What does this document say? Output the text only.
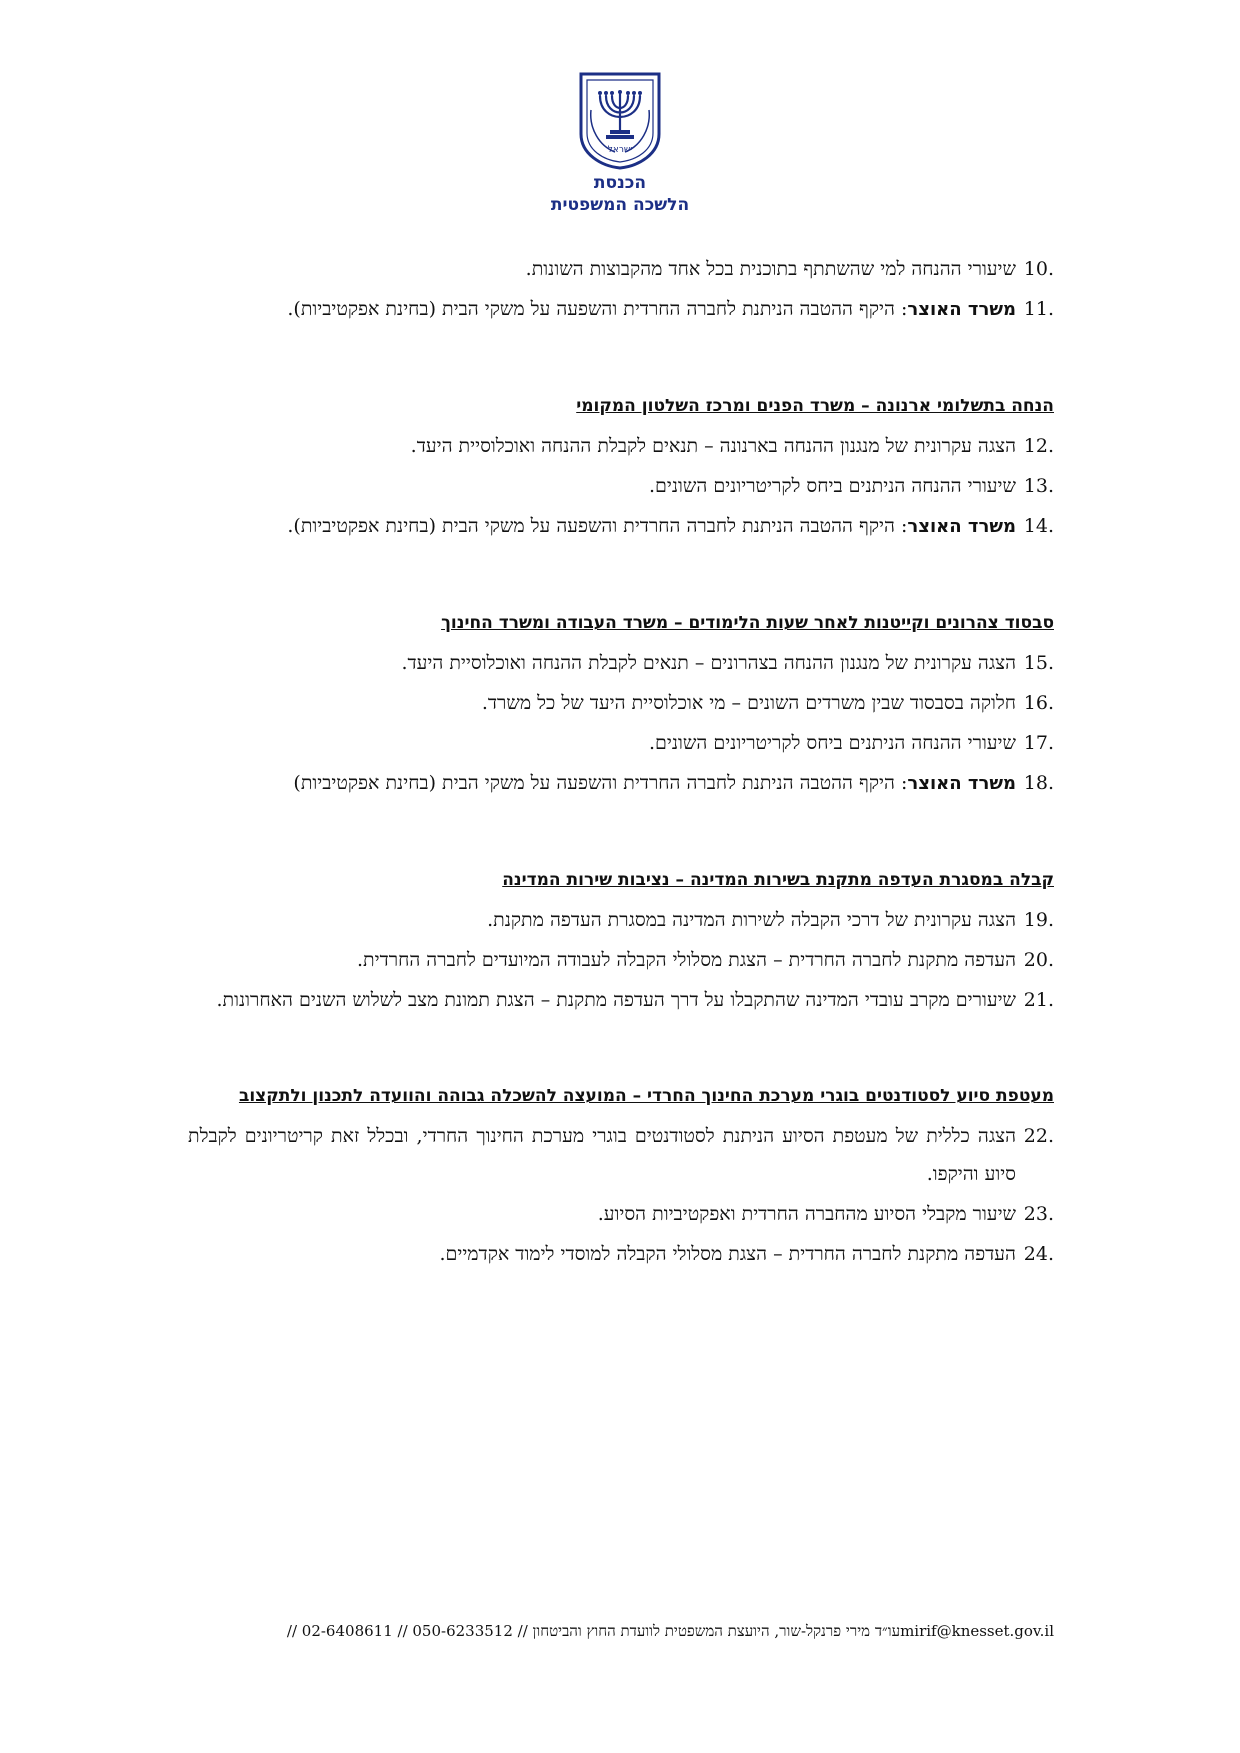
ישראל
הכנסת
הלשכה המשפטית
10.
שיעורי ההנחה למי שהשתתף בתוכנית בכל אחד מהקבוצות השונות.
11.
משרד האוצר: היקף ההטבה הניתנת לחברה החרדית והשפעה על משקי הבית (בחינת אפקטיביות).
הנחה בתשלומי ארנונה – משרד הפנים ומרכז השלטון המקומי
12.
הצגה עקרונית של מנגנון ההנחה בארנונה – תנאים לקבלת ההנחה ואוכלוסיית היעד.
13.
שיעורי ההנחה הניתנים ביחס לקריטריונים השונים.
14.
משרד האוצר: היקף ההטבה הניתנת לחברה החרדית והשפעה על משקי הבית (בחינת אפקטיביות).
סבסוד צהרונים וקייטנות לאחר שעות הלימודים – משרד העבודה ומשרד החינוך
15.
הצגה עקרונית של מנגנון ההנחה בצהרונים – תנאים לקבלת ההנחה ואוכלוסיית היעד.
16.
חלוקה בסבסוד שבין משרדים השונים – מי אוכלוסיית היעד של כל משרד.
17.
שיעורי ההנחה הניתנים ביחס לקריטריונים השונים.
18.
משרד האוצר: היקף ההטבה הניתנת לחברה החרדית והשפעה על משקי הבית (בחינת אפקטיביות)
קבלה במסגרת העדפה מתקנת בשירות המדינה – נציבות שירות המדינה
19.
הצגה עקרונית של דרכי הקבלה לשירות המדינה במסגרת העדפה מתקנת.
20.
העדפה מתקנת לחברה החרדית – הצגת מסלולי הקבלה לעבודה המיועדים לחברה החרדית.
21.
שיעורים מקרב עובדי המדינה שהתקבלו על דרך העדפה מתקנת – הצגת תמונת מצב לשלוש השנים האחרונות.
מעטפת סיוע לסטודנטים בוגרי מערכת החינוך החרדי – המועצה להשכלה גבוהה והוועדה לתכנון ולתקצוב
22.
הצגה כללית של מעטפת הסיוע הניתנת לסטודנטים בוגרי מערכת החינוך החרדי, ובכלל זאת קריטריונים לקבלת סיוע והיקפו.
23.
שיעור מקבלי הסיוע מהחברה החרדית ואפקטיביות הסיוע.
24.
העדפה מתקנת לחברה החרדית – הצגת מסלולי הקבלה למוסדי לימוד אקדמיים.
mirif@knesset.gov.ilעו״ד מירי פרנקל-שור, היועצת המשפטית לוועדת החוץ והביטחון // 02-6408611 // 050-6233512 //
